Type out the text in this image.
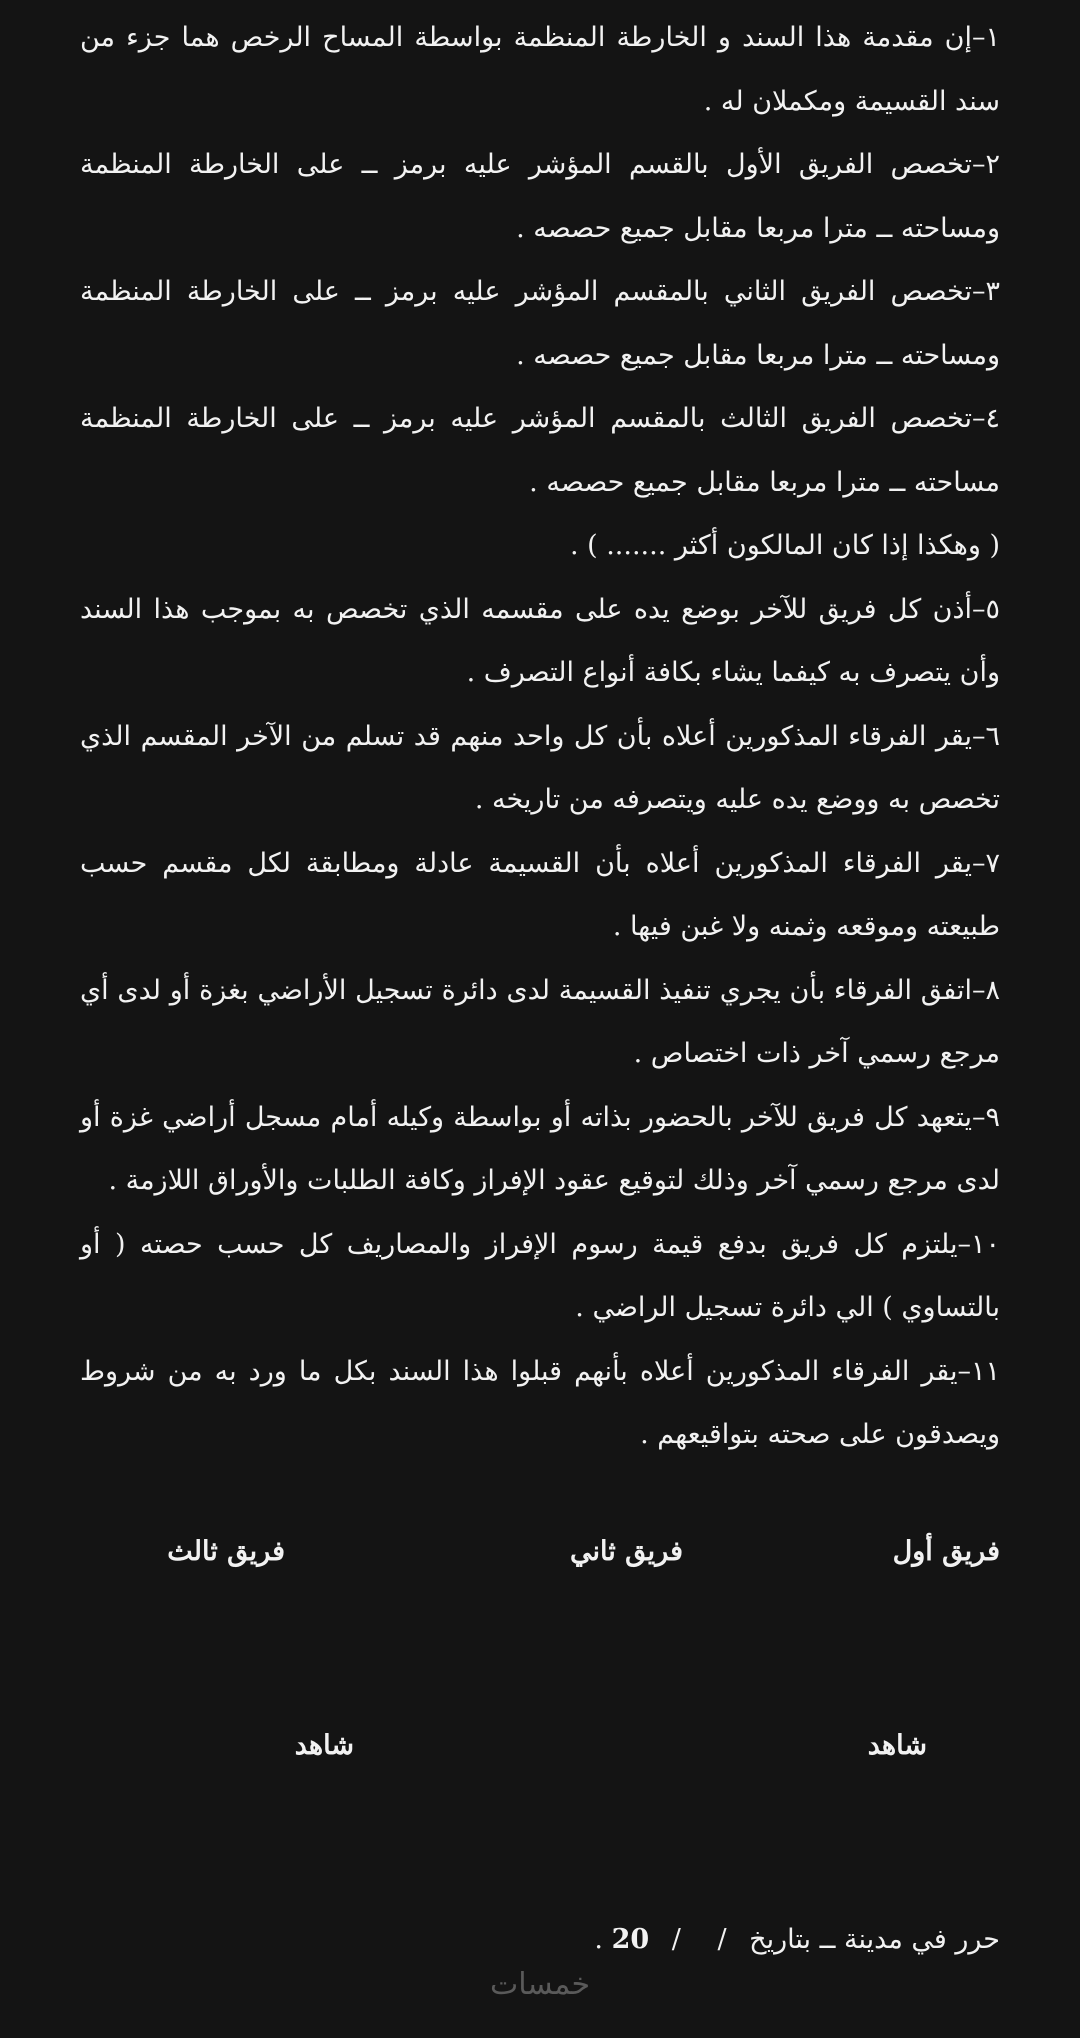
١–إن مقدمة هذا السند و الخارطة المنظمة بواسطة المساح الرخص هما جزء من سند القسيمة ومكملان له .

٢–تخصص الفريق الأول بالقسم المؤشر عليه برمز ــ على الخارطة المنظمة ومساحته ــ مترا مربعا مقابل جميع حصصه .

٣–تخصص الفريق الثاني بالمقسم المؤشر عليه برمز ــ على الخارطة المنظمة ومساحته ــ مترا مربعا مقابل جميع حصصه .

٤–تخصص الفريق الثالث بالمقسم المؤشر عليه برمز ــ على الخارطة المنظمة مساحته ــ مترا مربعا مقابل جميع حصصه .

( وهكذا إذا كان المالكون أكثر ....... ) .

٥–أذن كل فريق للآخر بوضع يده على مقسمه الذي تخصص به بموجب هذا السند وأن يتصرف به كيفما يشاء بكافة أنواع التصرف .

٦–يقر الفرقاء المذكورين أعلاه بأن كل واحد منهم قد تسلم من الآخر المقسم الذي تخصص به ووضع يده عليه ويتصرفه من تاريخه .

٧–يقر الفرقاء المذكورين أعلاه بأن القسيمة عادلة ومطابقة لكل مقسم حسب طبيعته وموقعه وثمنه ولا غبن فيها .

٨–اتفق الفرقاء بأن يجري تنفيذ القسيمة لدى دائرة تسجيل الأراضي بغزة أو لدى أي مرجع رسمي آخر ذات اختصاص .

٩–يتعهد كل فريق للآخر بالحضور بذاته أو بواسطة وكيله أمام مسجل أراضي غزة أو لدى مرجع رسمي آخر وذلك لتوقيع عقود الإفراز وكافة الطلبات والأوراق اللازمة .

١٠–يلتزم كل فريق بدفع قيمة رسوم الإفراز والمصاريف كل حسب حصته ( أو بالتساوي ) الي دائرة تسجيل الراضي .

١١–يقر الفرقاء المذكورين أعلاه بأنهم قبلوا هذا السند بكل ما ورد به من شروط ويصدقون على صحته بتواقيعهم .

فريق أول
فريق ثاني
فريق ثالث
شاهد
شاهد
حرر في مدينة ــ بتاريخ / / 20 .
خمسات
